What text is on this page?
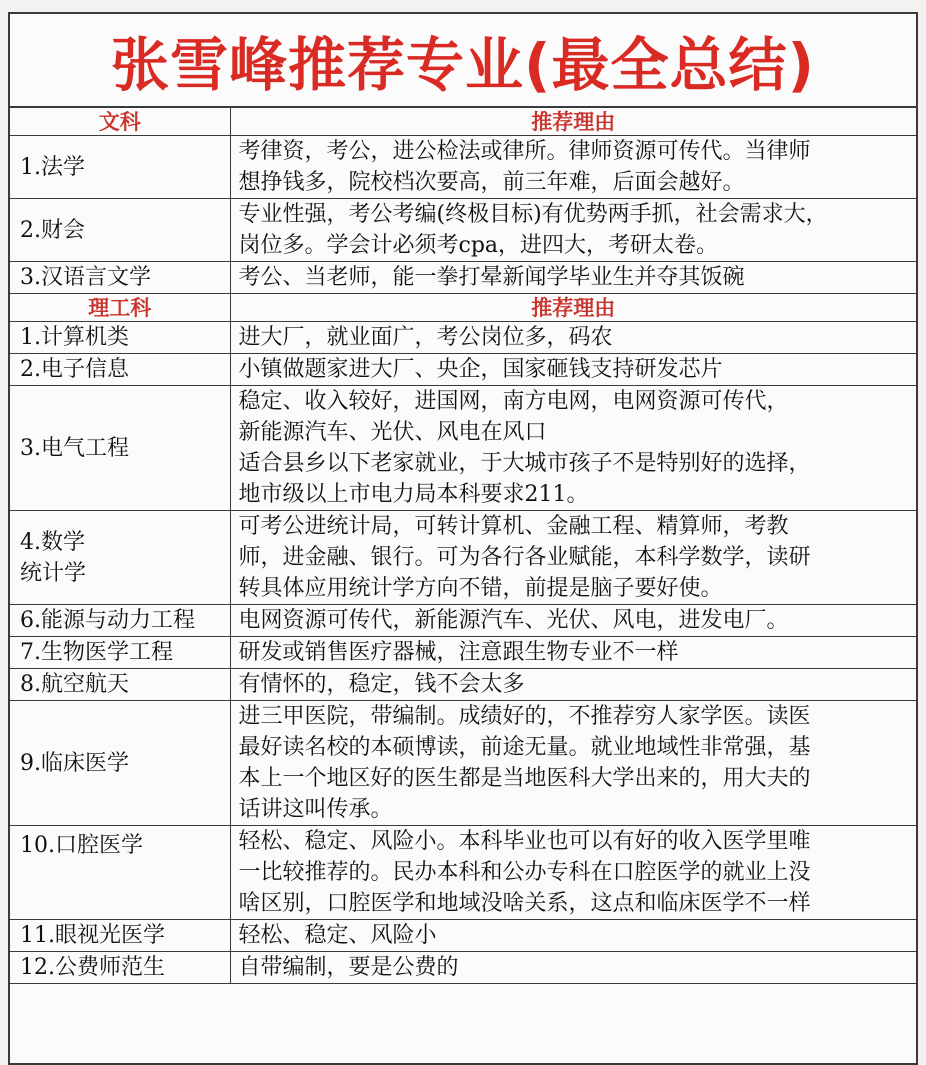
张雪峰推荐专业(最全总结)
文科	推荐理由
1.法学	考律资，考公，进公检法或律所。律师资源可传代。当律师
想挣钱多，院校档次要高，前三年难，后面会越好。

2.财会	专业性强，考公考编(终极目标)有优势两手抓，社会需求大，
岗位多。学会计必须考cpa，进四大，考研太卷。

3.汉语言文学	考公、当老师，能一拳打晕新闻学毕业生并夺其饭碗

理工科	推荐理由
1.计算机类	进大厂，就业面广，考公岗位多，码农

2.电子信息	小镇做题家进大厂、央企，国家砸钱支持研发芯片

3.电气工程	稳定、收入较好，进国网，南方电网，电网资源可传代，
新能源汽车、光伏、风电在风口
适合县乡以下老家就业，于大城市孩子不是特别好的选择，
地市级以上市电力局本科要求211。

4.数学
统计学	可考公进统计局，可转计算机、金融工程、精算师，考教
师，进金融、银行。可为各行各业赋能，本科学数学，读研
转具体应用统计学方向不错，前提是脑子要好使。

6.能源与动力工程	电网资源可传代，新能源汽车、光伏、风电，进发电厂。

7.生物医学工程	研发或销售医疗器械，注意跟生物专业不一样

8.航空航天	有情怀的，稳定，钱不会太多

9.临床医学	进三甲医院，带编制。成绩好的，不推荐穷人家学医。读医
最好读名校的本硕博读，前途无量。就业地域性非常强，基
本上一个地区好的医生都是当地医科大学出来的，用大夫的
话讲这叫传承。

10.口腔医学	轻松、稳定、风险小。本科毕业也可以有好的收入医学里唯
一比较推荐的。民办本科和公办专科在口腔医学的就业上没
啥区别，口腔医学和地域没啥关系，这点和临床医学不一样

11.眼视光医学	轻松、稳定、风险小

12.公费师范生	自带编制，要是公费的
